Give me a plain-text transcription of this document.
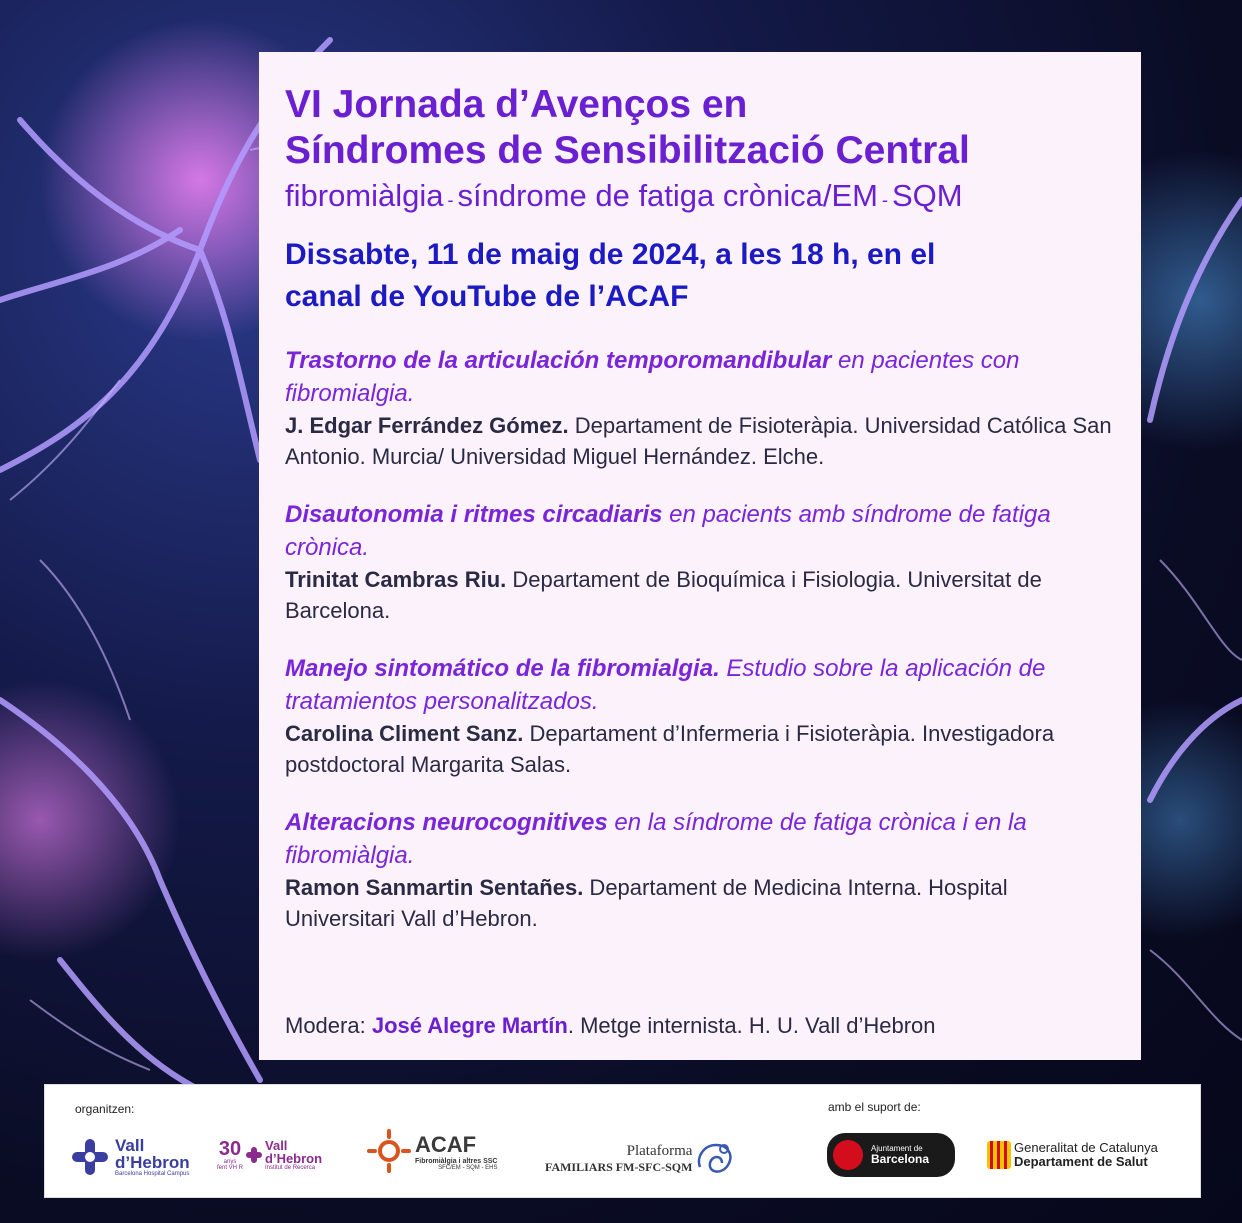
VI Jornada d’Avenços en
Síndromes de Sensibilització Central

fibromiàlgia - síndrome de fatiga crònica/EM - SQM

Dissabte, 11 de maig de 2024, a les 18 h, en el
canal de YouTube de l’ACAF

Trastorno de la articulación temporomandibular en pacientes con fibromialgia.
J. Edgar Ferrández Gómez. Departament de Fisioteràpia. Universidad Católica San Antonio. Murcia/ Universidad Miguel Hernández. Elche.
Disautonomia i ritmes circadiaris en pacients amb síndrome de fatiga crònica.
Trinitat Cambras Riu. Departament de Bioquímica i Fisiologia. Universitat de Barcelona.
Manejo sintomático de la fibromialgia. Estudio sobre la aplicación de tratamientos personalitzados.
Carolina Climent Sanz. Departament d’Infermeria i Fisioteràpia. Investigadora postdoctoral Margarita Salas.
Alteracions neurocognitives en la síndrome de fatiga crònica i en la fibromiàlgia.
Ramon Sanmartin Sentañes. Departament de Medicina Interna. Hospital Universitari Vall d’Hebron.
Modera: José Alegre Martín. Metge internista. H. U. Vall d’Hebron
organitzen:	amb el suport de:
Vall
d’Hebron
Barcelona Hospital Campus
30
anys
fent VH R
Vall
d’Hebron
Institut de Recerca
ACAF
Fibromiàlgia i altres SSC
SFC/EM - SQM - EHS
Plataforma
FAMILIARS FM-SFC-SQM
Ajuntament de
Barcelona
Generalitat de Catalunya
Departament de Salut
